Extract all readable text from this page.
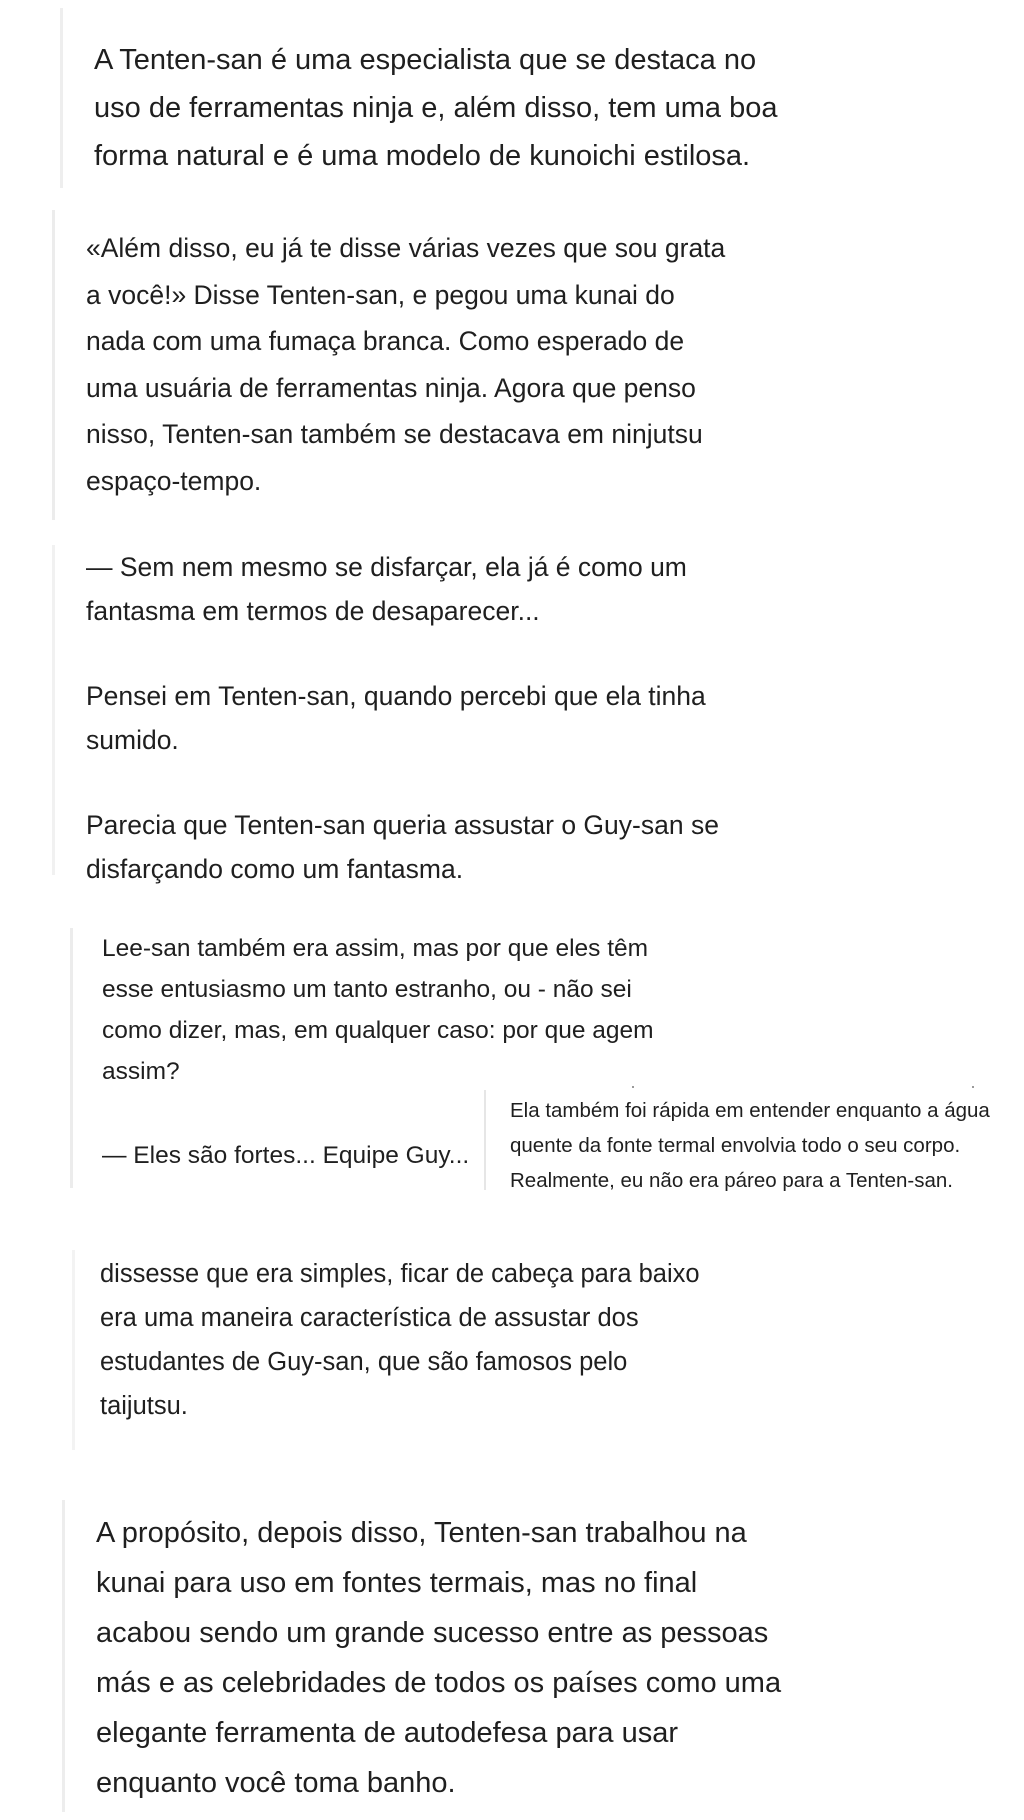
A Tenten-san é uma especialista que se destaca no
uso de ferramentas ninja e, além disso, tem uma boa
forma natural e é uma modelo de kunoichi estilosa.

«Além disso, eu já te disse várias vezes que sou grata
a você!» Disse Tenten-san, e pegou uma kunai do
nada com uma fumaça branca. Como esperado de
uma usuária de ferramentas ninja. Agora que penso
nisso, Tenten-san também se destacava em ninjutsu
espaço-tempo.

— Sem nem mesmo se disfarçar, ela já é como um
fantasma em termos de desaparecer...

Pensei em Tenten-san, quando percebi que ela tinha
sumido.

Parecia que Tenten-san queria assustar o Guy-san se
disfarçando como um fantasma.

Lee-san também era assim, mas por que eles têm
esse entusiasmo um tanto estranho, ou - não sei
como dizer, mas, em qualquer caso: por que agem
assim?

— Eles são fortes... Equipe Guy...

Ela também foi rápida em entender enquanto a água
quente da fonte termal envolvia todo o seu corpo.
Realmente, eu não era páreo para a Tenten-san.

dissesse que era simples, ficar de cabeça para baixo
era uma maneira característica de assustar dos
estudantes de Guy-san, que são famosos pelo
taijutsu.

A propósito, depois disso, Tenten-san trabalhou na
kunai para uso em fontes termais, mas no final
acabou sendo um grande sucesso entre as pessoas
más e as celebridades de todos os países como uma
elegante ferramenta de autodefesa para usar
enquanto você toma banho.
